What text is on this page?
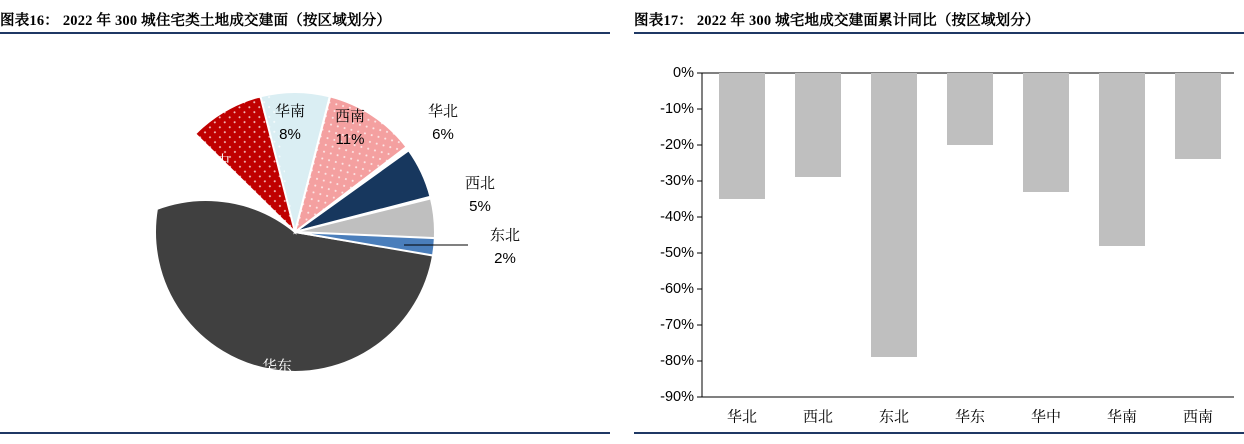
图表16： 2022 年 300 城住宅类土地成交建面（按区域划分）
华东
53%
华中
15%
华南
8%
西南
11%
华北
6%
西北
5%
东北
2%
图表17： 2022 年 300 城宅地成交建面累计同比（按区域划分）
0%
-10%
-20%
-30%
-40%
-50%
-60%
-70%
-80%
-90%
华北	西北	东北	华东	华中	华南	西南
